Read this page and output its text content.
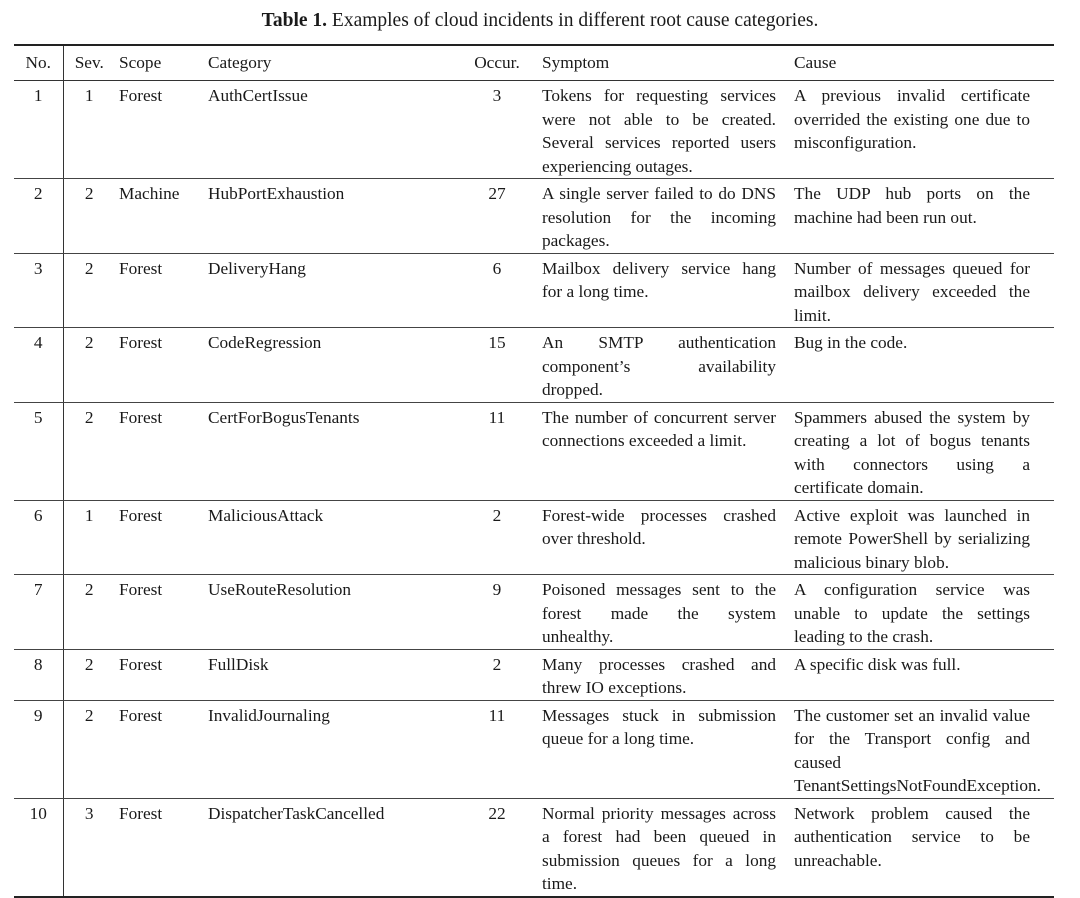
Table 1. Examples of cloud incidents in different root cause categories.
No.	Sev.	Scope	Category	Occur.	Symptom	Cause
1	1	Forest	AuthCertIssue	3	Tokens for requesting services were not able to be created. Several services reported users experiencing outages.	A previous invalid certificate overrided the existing one due to misconfiguration.
2	2	Machine	HubPortExhaustion	27	A single server failed to do DNS resolution for the incoming packages.	The UDP hub ports on the machine had been run out.
3	2	Forest	DeliveryHang	6	Mailbox delivery service hang for a long time.	Number of messages queued for mailbox delivery exceeded the limit.
4	2	Forest	CodeRegression	15	An SMTP authentication component’s availability dropped.	Bug in the code.
5	2	Forest	CertForBogusTenants	11	The number of concurrent server connections exceeded a limit.	Spammers abused the system by creating a lot of bogus tenants with connectors using a certificate domain.
6	1	Forest	MaliciousAttack	2	Forest-wide processes crashed over threshold.	Active exploit was launched in remote PowerShell by serializing malicious binary blob.
7	2	Forest	UseRouteResolution	9	Poisoned messages sent to the forest made the system unhealthy.	A configuration service was unable to update the settings leading to the crash.
8	2	Forest	FullDisk	2	Many processes crashed and threw IO exceptions.	A specific disk was full.
9	2	Forest	InvalidJournaling	11	Messages stuck in submission queue for a long time.	The customer set an invalid value for the Transport config and caused TenantSettingsNotFoundException.
10	3	Forest	DispatcherTaskCancelled	22	Normal priority messages across a forest had been queued in submission queues for a long time.	Network problem caused the authentication service to be unreachable.
